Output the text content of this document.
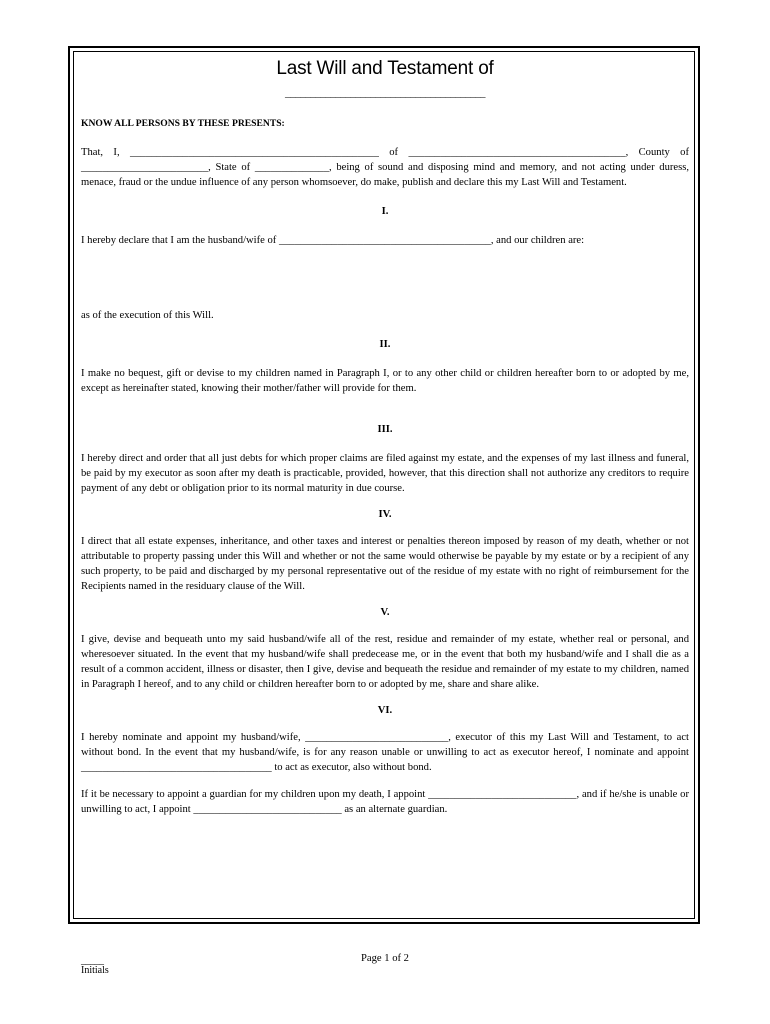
Last Will and Testament of
________________________________________
KNOW ALL PERSONS BY THESE PRESENTS:

That, I, _______________________________________________ of _________________________________________, County of ________________________, State of ______________, being of sound and disposing mind and memory, and not acting under duress, menace, fraud or the undue influence of any person whomsoever, do make, publish and declare this my Last Will and Testament.

I.

I hereby declare that I am the husband/wife of ________________________________________, and our children are:

as of the execution of this Will.

II.

I make no bequest, gift or devise to my children named in Paragraph I, or to any other child or children hereafter born to or adopted by me, except as hereinafter stated, knowing their mother/father will provide for them.

III.

I hereby direct and order that all just debts for which proper claims are filed against my estate, and the expenses of my last illness and funeral, be paid by my executor as soon after my death is practicable, provided, however, that this direction shall not authorize any creditors to require payment of any debt or obligation prior to its normal maturity in due course.

IV.

I direct that all estate expenses, inheritance, and other taxes and interest or penalties thereon imposed by reason of my death, whether or not attributable to property passing under this Will and whether or not the same would otherwise be payable by my estate or by a recipient of any such property, to be paid and discharged by my personal representative out of the residue of my estate with no right of reimbursement for the Recipients named in the residuary clause of the Will.

V.

I give, devise and bequeath unto my said husband/wife all of the rest, residue and remainder of my estate, whether real or personal, and wheresoever situated. In the event that my husband/wife shall predecease me, or in the event that both my husband/wife and I shall die as a result of a common accident, illness or disaster, then I give, devise and bequeath the residue and remainder of my estate to my children, named in Paragraph I hereof, and to any child or children hereafter born to or adopted by me, share and share alike.

VI.

I hereby nominate and appoint my husband/wife, ___________________________, executor of this my Last Will and Testament, to act without bond. In the event that my husband/wife, is for any reason unable or unwilling to act as executor hereof, I nominate and appoint ____________________________________ to act as executor, also without bond.

If it be necessary to appoint a guardian for my children upon my death, I appoint ____________________________, and if he/she is unable or unwilling to act, I appoint ____________________________ as an alternate guardian.

Page 1 of 2
_____
Initials
